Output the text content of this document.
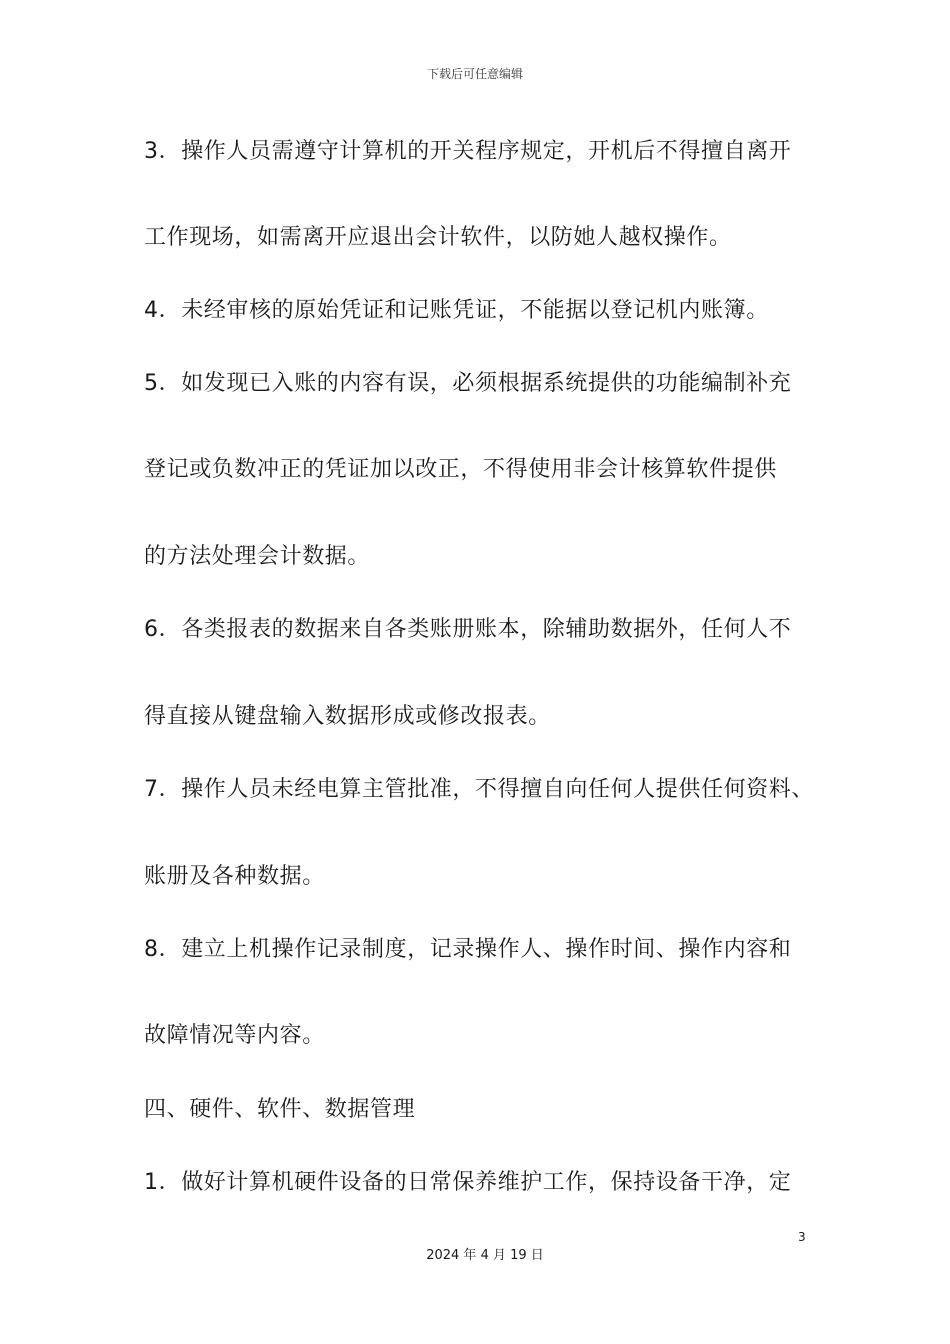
下载后可任意编辑
3．操作人员需遵守计算机的开关程序规定，开机后不得擅自离开
工作现场，如需离开应退出会计软件，以防她人越权操作。
4．未经审核的原始凭证和记账凭证，不能据以登记机内账簿。
5．如发现已入账的内容有误，必须根据系统提供的功能编制补充
登记或负数冲正的凭证加以改正，不得使用非会计核算软件提供
的方法处理会计数据。
6．各类报表的数据来自各类账册账本，除辅助数据外，任何人不
得直接从键盘输入数据形成或修改报表。
7．操作人员未经电算主管批准，不得擅自向任何人提供任何资料、
账册及各种数据。
8．建立上机操作记录制度，记录操作人、操作时间、操作内容和
故障情况等内容。
四、硬件、软件、数据管理
1．做好计算机硬件设备的日常保养维护工作，保持设备干净，定
3
2024 年 4 月 19 日
